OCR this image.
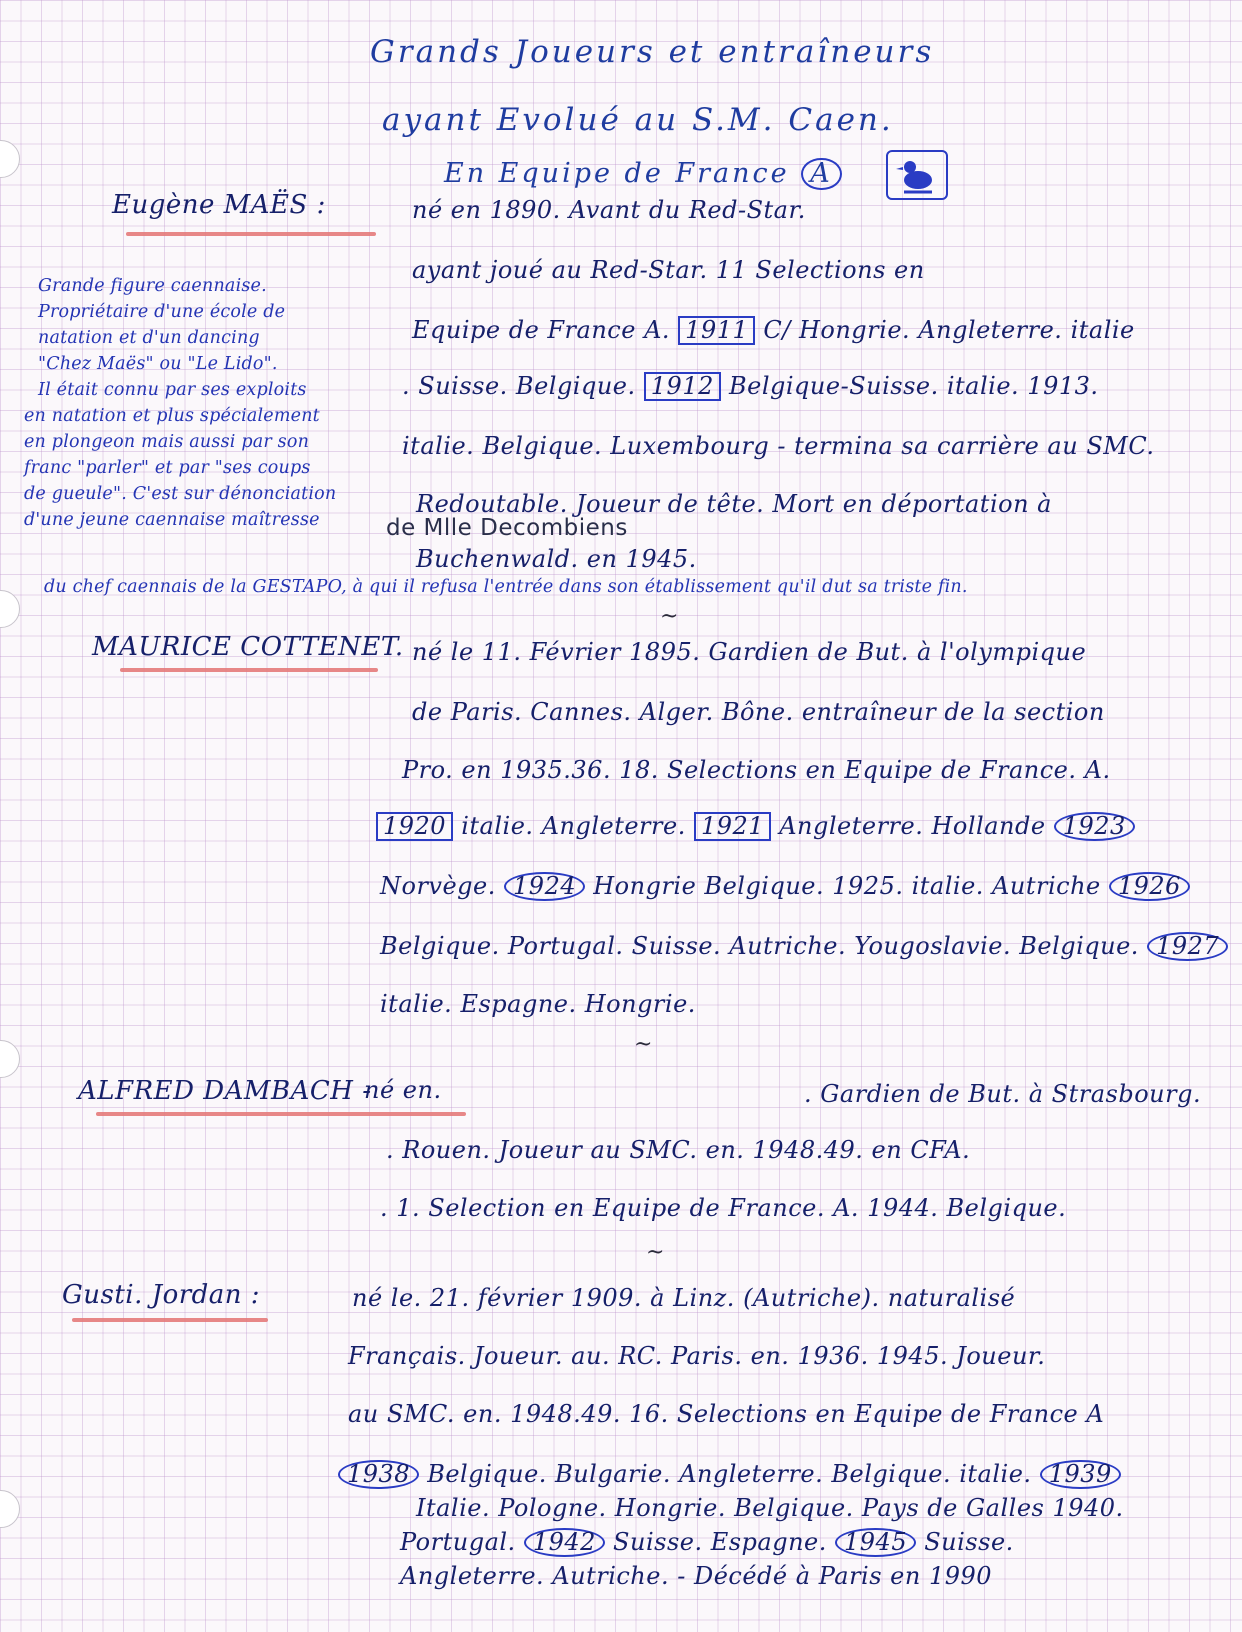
Grands Joueurs et entraîneurs
ayant Evolué au S.M. Caen.
En Equipe de France A
Eugène MAËS :	né en 1890. Avant du Red-Star.
ayant joué au Red-Star. 11 Selections en
Equipe de France A. 1911 C/ Hongrie. Angleterre. italie
. Suisse. Belgique. 1912 Belgique-Suisse. italie. 1913.
italie. Belgique. Luxembourg - termina sa carrière au SMC.
Redoutable. Joueur de tête. Mort en déportation à
de Mlle Decombiens
Buchenwald. en 1945.
Grande figure caennaise.
Propriétaire d'une école de
natation et d'un dancing
"Chez Maës" ou "Le Lido".
Il était connu par ses exploits
en natation et plus spécialement
en plongeon mais aussi par son
franc "parler" et par "ses coups
de gueule". C'est sur dénonciation
d'une jeune caennaise maîtresse
du chef caennais de la GESTAPO, à qui il refusa l'entrée dans son établissement qu'il dut sa triste fin.
MAURICE COTTENET.
~
né le 11. Février 1895. Gardien de But. à l'olympique
de Paris. Cannes. Alger. Bône. entraîneur de la section
Pro. en 1935.36. 18. Selections en Equipe de France. A.
1920 italie. Angleterre. 1921 Angleterre. Hollande 1923
Norvège. 1924 Hongrie Belgique. 1925. italie. Autriche 1926
Belgique. Portugal. Suisse. Autriche. Yougoslavie. Belgique. 1927
italie. Espagne. Hongrie.
~
ALFRED DAMBACH -
né en.	. Gardien de But. à Strasbourg.
. Rouen. Joueur au SMC. en. 1948.49. en CFA.
. 1. Selection en Equipe de France. A. 1944. Belgique.
~
Gusti. Jordan :	né le. 21. février 1909. à Linz. (Autriche). naturalisé
Français. Joueur. au. RC. Paris. en. 1936. 1945. Joueur.
au SMC. en. 1948.49. 16. Selections en Equipe de France A
1938 Belgique. Bulgarie. Angleterre. Belgique. italie. 1939
Italie. Pologne. Hongrie. Belgique. Pays de Galles 1940.
Portugal. 1942 Suisse. Espagne. 1945 Suisse.
Angleterre. Autriche. - Décédé à Paris en 1990
